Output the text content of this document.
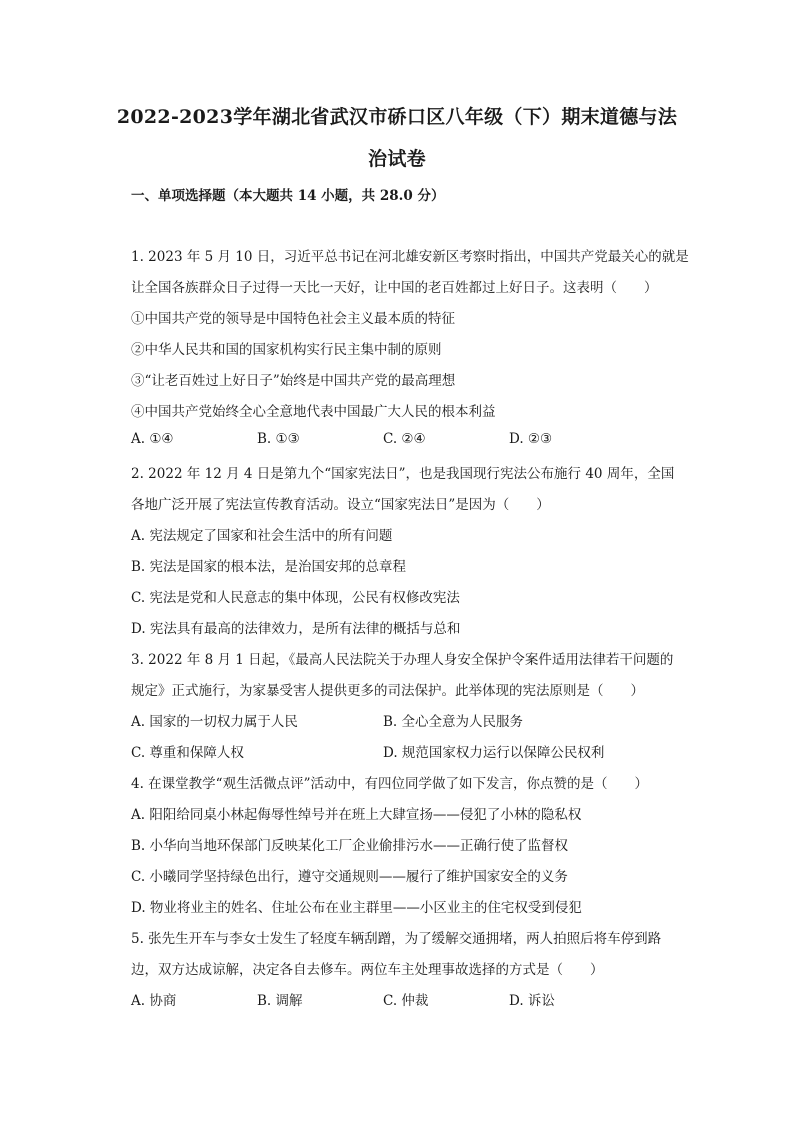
2022-2023学年湖北省武汉市硚口区八年级（下）期末道德与法
治试卷
一、单项选择题（本大题共 14 小题，共 28.0 分）
1. 2023 年 5 月 10 日，习近平总书记在河北雄安新区考察时指出，中国共产党最关心的就是
让全国各族群众日子过得一天比一天好，让中国的老百姓都过上好日子。这表明（　　）
①中国共产党的领导是中国特色社会主义最本质的特征
②中华人民共和国的国家机构实行民主集中制的原则
③“让老百姓过上好日子”始终是中国共产党的最高理想
④中国共产党始终全心全意地代表中国最广大人民的根本利益
A. ①④	B. ①③	C. ②④	D. ②③
2. 2022 年 12 月 4 日是第九个“国家宪法日”，也是我国现行宪法公布施行 40 周年，全国
各地广泛开展了宪法宣传教育活动。设立“国家宪法日”是因为（　　）
A. 宪法规定了国家和社会生活中的所有问题
B. 宪法是国家的根本法，是治国安邦的总章程
C. 宪法是党和人民意志的集中体现，公民有权修改宪法
D. 宪法具有最高的法律效力，是所有法律的概括与总和
3. 2022 年 8 月 1 日起，《最高人民法院关于办理人身安全保护令案件适用法律若干问题的
规定》正式施行，为家暴受害人提供更多的司法保护。此举体现的宪法原则是（　　）
A. 国家的一切权力属于人民	B. 全心全意为人民服务
C. 尊重和保障人权	D. 规范国家权力运行以保障公民权利
4. 在课堂教学“观生活微点评”活动中，有四位同学做了如下发言，你点赞的是（　　）
A. 阳阳给同桌小林起侮辱性绰号并在班上大肆宣扬——侵犯了小林的隐私权
B. 小华向当地环保部门反映某化工厂企业偷排污水——正确行使了监督权
C. 小曦同学坚持绿色出行，遵守交通规则——履行了维护国家安全的义务
D. 物业将业主的姓名、住址公布在业主群里——小区业主的住宅权受到侵犯
5. 张先生开车与李女士发生了轻度车辆刮蹭，为了缓解交通拥堵，两人拍照后将车停到路
边，双方达成谅解，决定各自去修车。两位车主处理事故选择的方式是（　　）
A. 协商	B. 调解	C. 仲裁	D. 诉讼
